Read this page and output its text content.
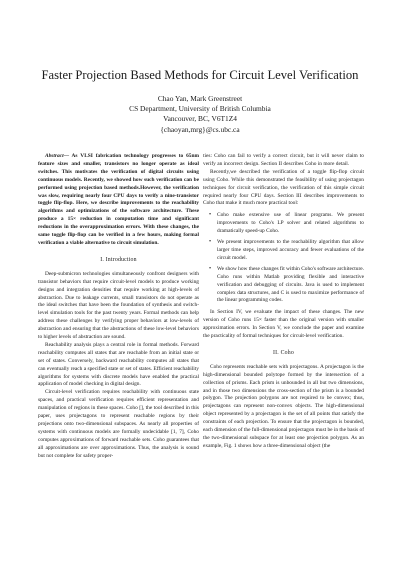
Faster Projection Based Methods for Circuit Level Verification
Chao Yan, Mark Greenstreet
CS Department, University of British Columbia
Vancouver, BC, V6T1Z4
{chaoyan,mrg}@cs.ubc.ca

Abstract— As VLSI fabrication technology progresses to 65nm feature sizes and smaller, transistors no longer operate as ideal switches. This motivates the verification of digital circuits using continuous models. Recently, we showed how such verification can be performed using projection based methods.However, the verification was slow, requiring nearly four CPU days to verify a nine-transistor toggle flip-flop. Here, we describe improvements to the reachability algorithms and optimizations of the software architecture. These produce a 15× reduction in computation time and significant reductions in the overapproximation errors. With these changes, the same toggle flip-flop can be verified in a few hours, making formal verification a viable alternative to circuit simulation.

I. Introduction

Deep-submicron technologies simultaneously confront designers with transistor behaviors that require circuit-level models to produce working designs and integration densities that require working at high-levels of abstraction. Due to leakage currents, small transistors do not operate as the ideal switches that have been the foundation of synthesis and switch-level simulation tools for the past twenty years. Formal methods can help address these challenges by verifying proper behaviors at low-levels of abstraction and ensuring that the abstractions of these low-level behaviors to higher levels of abstraction are sound.

Reachability analysis plays a central role in formal methods. Forward reachability computes all states that are reachable from an initial state or set of states. Conversely, backward reachability computes all states that can eventually reach a specified state or set of states. Efficient reachability algorithms for systems with discrete models have enabled the practical application of model checking in digital design.

Circuit-level verification requires reachability with continuous state spaces, and practical verification requires efficient representation and manipulation of regions in these spaces. Coho [], the tool described in this paper, uses projectagons to represent reachable regions by their projections onto two-dimensional subspaces. As nearly all properties of systems with continuous models are formally undecidable [1, 7], Coho computes approximations of forward reachable sets. Coho guarantees that all approximations are over approximations. Thus, the analysis is sound but not complete for safety proper-

ties: Coho can fail to verify a correct circuit, but it will never claim to verify an incorrect design. Section II describes Coho in more detail.

Recently,we described the verification of a toggle flip-flop circuit using Coho. While this demonstrated the feasibility of using projectagon techniques for circuit verification, the verification of this simple circuit required nearly four CPU days. Section III describes improvements to Coho that make it much more practical tool:

• Coho make extensive use of linear programs. We present improvements to Coho's LP solver and related algorithms to dramatically speed-up Coho.
• We present improvements to the reachability algorithm that allow larger time steps, improved accuracy and fewer evaluations of the circuit model.
• We show how these changes fit within Coho's software architecture. Coho runs within Matlab providing flexible and interactive verification and debugging of circuits. Java is used to implement complex data structures, and C is used to maximize performance of the linear programming codes.

In Section IV, we evaluate the impact of these changes. The new version of Coho runs 15× faster than the original version with smaller approximation errors. In Section V, we conclude the paper and examine the practicality of formal techniques for circuit-level verification.

II. Coho

Coho represents reachable sets with projectagons. A projectagon is the high-dimensional bounded polytope formed by the intersection of a collection of prisms. Each prism is unbounded in all but two dimensions, and in those two dimensions the cross-section of the prism is a bounded polygon. The projection polygons are not required to be convex; thus, projectagons can represent non-convex objects. The high-dimensional object represented by a projectagon is the set of all points that satisfy the constraints of each projection. To ensure that the projectagon is bounded, each dimension of the full-dimensional projectagon must be in the basis of the two-dimensional subspace for at least one projection polygon. As an example, Fig. 1 shows how a three-dimensional object (the
